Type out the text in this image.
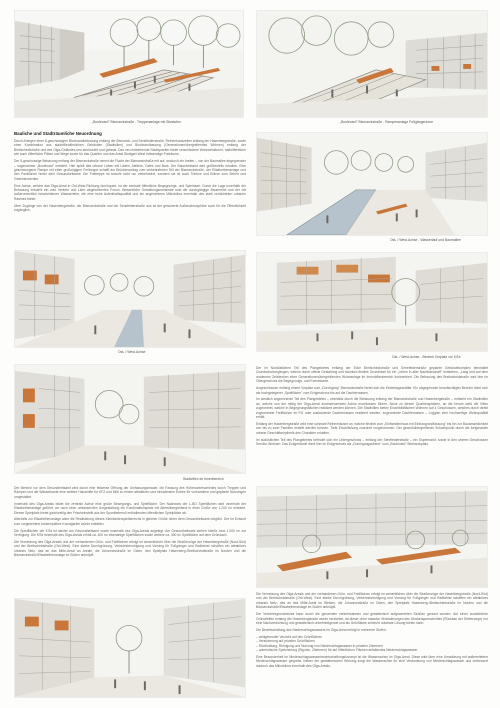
„Boulevard" Bismarckstraße - Treppenanlage mit Sitzstufen	„Boulevard" Bismarckstraße - Rampenanlage Fußgängerzone
Bauliche und Stadträumliche Neuordnung

Durch Anlegen einer 5-geschossigen Blockrandbebauung entlang der Bismarck- und Senefelderstraße, Reihenhauszeilen entlang der Hasenbergstraße, sowie einer Kombination aus stadtvillenähnlichen Gebäuden (Stadtvillen) und Blockrandbauung (Generationenübergreifendes Wohnen) entlang der Breitscheidstraße und des Olga-Geländes neu strukturiert und gefasst. Das neu entstehende Stadtquartier bietet verschiedene Wohnstrukturen, halböffentliche wie auch öffentliche Plätze und Wege sowie für das Quartier und das Areal Stuttgart-West notwendige Freiräume.

Der 5-geschossige Bebauung entlang der Bismarckstraße nimmt die Flucht der Bismarckstraße mit auf, wodurch ein breiter – von der Baumallee abgegrenzter – sogenannter „Boulevard" entsteht. Hier spielt das urbane Leben mit Läden, Ateliers, Cafés und Bars. Der Baumbestand wird größtenteils erhalten. Eine geschwungene Rampe mit einer großzügigen Freitreppe schafft am Brückenschlag zum verkehrsfreien Teil der Bismarckstraße, der Elisabethenanlage und den Pavillionen hinter dem Gesundheitsamt. Die Freitreppe ist sowohl nicht nur verkehrsfrei, sondern sie ist auch Tribüne und Bühne zum Sehen und Gesehenwerden.

Eine Achse, welche das Olga-Areal in Ost-West-Richtung durchquert, ist der zentrale öffentliche Begegnungs- und Spielraum. Durch die Lage innerhalb der Bebauung entsteht ein vom Verkehr und Lärm abgeschirmtes Forum. Wesentliche Gestaltungsmerkmale sind die durchgängige Baumreihe und der mit außerordentlich bescheidenen Wasserreihe, die eine hohe Aufenthaltsqualität und ein angenehmes Mikroklima innerhalb des stark verdichteten urbanen Raumes bietet.

Über Zugänge von der Hasenbergstraße, der Bismarckstraße und der Senefelderstraße aus ist der gesicherte Außenatmosphäre auch für die Öffentlichkeit zugänglich.

Ost- / West-Achse - Wasserlauf und Baumallee
Ost- / West-Achse
Ost- / West-Achse - Bereich Vorplatz vor KiTa
Stadtvillen im Innenbereich

Der im Nordöstlichen Teil des Plangebietes entlang der Ecke Breitscheidstraße und Senefelderstraße geplante Gebäudekomplex beinhaltet Grundschulvorgängen, welche durch offene Gestaltung und räumlich flexible Grundrisse für ein „Leben in aller Nachbarschaft" entstehen. „Lang und auf dem modernen Zeitdenken einer Generationenübergreifenden Wohnanlage im Immobilienbereich konzentriert. Die Bebauung des Breitscheidstraße wird hier im Obergeschoss die Begegnungs- und Eventräume.

Angeschlossen entlang einem Vorplatz zum „Durchgang" Bismarckstraße bietet sich die Kindertagesstätte. Ein abgegrenzter beaufsichtigter Bereich dient sich als hochgelegener „Spielfläche" vom Erdgeschoss bis auf die Dachterrassen.

Im westlich angrenzende Teil des Plangebietes – ebenfalls durch die Bebauung entlang der Bismarckstraße und Hasenbergstraße – entsteht ein Stadtvillen an, welche von der mittig der Olga-Areal durchsteuernden Achse erschlossen führen. Neue zu diesen Quartiersplätzen, an die herum weiß die Villen zugeordnet, welche in Begegnungsflächen realisiert werden können. Die Stadtvillen bieten Einzelbildflächen Wohnen auf 4 Geschossen, welches durch direkt zugeordnete Freiflächen im EG oder ausbauende Dachterrassen realisiert werden, zugeordnete Dachterrassen – Loggien eine hochwertige Wohnqualität erhält.

Entlang der Hasenbergstraße wird eine schmale Reihenhäuser an, welche flexibel zum „Einfamilienhaus mit Einbaugrundfassung" bis hin zur Bauamamlichkeit von bis zu zwei Familien erstellt werden können. Tiefe Erschließung zuordnet vorgenommen. Der gewerkübergreifende Schwerpunkt durch die fortgesetzte urbane Geschäftsrhythmik des Charakter erhalten.

Im südöstlichen Teil des Plangebietes befindet sich ein Untergeschoss – entlang der Senefelderstraße – ein Supermarkt, sowie in den oberen Geschossen Service-Wohnen. Das Eckgebäude dient hier im Erdgeschoss als „Durchgangsebene" zum „Boulevard" Bismarckplatz.

Der Bereich vor dem Gesundheitsamt wird durch eine teilweise Öffnung der Umfassungsmauer, die Fassung des Höhenunterschiedes durch Treppen und Rampen und die Wasserkante eine weitere Hausmitte für KFZ und Müll zu einem attraktiven und einladenden Entree für vorhandene und geplante Nutzungen umgestaltet.

Innerhalb des Olga-Areals bildet die zentrale Achse eine große Bewegungs- und Spielfläche. Der Nachweis der L-BO Spielflächen wird innerhalb der Elisabethenanlage geführt, wo noch einer umfassenden Umgestaltung ein Kombinationsplatz mit Altersübergreifend in einer Größe von 1.200 m² entsteht. Diesen Spielplatz bietet gleichzeitig den Frischeinstellt aus der Spuntbeterroll enthaltenden öffentlichen Spielplätze ab.

Allenfalls zur Elisabethenanlage wäre die Realisierung dieses Kleinkinderspielbereichs in gleicher Größe hinter dem Gesundheitsamt möglich. Der im Entwurf zum vorgesehene kontemplative Kunstgarten würde entfallen.

Die Spielflächen der KiTa ist wieder am Gesundheitsamt sowie innerhalb des Olga-Areals angelegt. Am Gesundheitsamt stehen hierfür rund 1.000 m² zur Verfügung. Die KiTa innerhalb des Olga-Areals erhält ca. 400 m² eisenartige Spielflächen sowie weitere ca. 400 m² Spielfläche auf dem Gründach.

Die Vernetzung des Olga-Areals und der vorhandenen Grün- und Freiflächen erfolgt im wesentlichen über die Straßenzüge der Hasenbergstraße (Nord-Süd) und der Breitscheidstraße (Ost-West). Eine starke Durchgrünung, Verkehrsberuhigung und Vorrang für Fußgänger und Radfahrer schaffen ein attraktives urbanes Netz, das an das Mitte-Areal an Areale, die Johannesstraße im Osten, den Spielplatz Hasenberg-/Breitscheidstraße im Norden und die Bismarckstraße/Elisabethenanlage im Süden anknüpft.

Die Vernetzung des Olga-Areals und der vorhandenen Grün- und Freiflächen erfolgt im wesentlichen über die Straßenzüge der Hasenbergstraße (Nord-Süd) und der Breitscheidstraße (Ost-West). Eine starke Durchgrünung, Verkehrsberuhigung und Vorrang für Fußgänger und Radfahrer schaffen ein attraktives urbanes Netz, das an das Mitte-Areal im Westen, die Johannesstraße im Osten, den Spielplatz Hasenberg-/Breitscheidstraße im Norden und die Bismarckstraße/Elisabethenanlage im Süden anknüpft.

Der Verkehrsgrundnetzes kann durch die genannten verkehrsarmen und gestalterisch aufgewerteten Straßen genutzt werden. Auf einen zusätzlichen Grünstreifen entlang der Hasenbergstraße wurde verzichtet, da dieser ohne massive Veränderungen des Straßenquerschnittes (Rückbau der Seitenwege) nur eine Nachverdichtung und gestalterisch unbefriedigende und als Grünfläche schlecht nutzbare Lösung bieten kann.

Die Bewirtschaftung des Niederschlagswassers im Olga-Areal erfolgt in mehreren Stufen:

– weitgehender Verzicht auf den Grünflächen
– Versickerung auf privaten Grünflächen
– Rückhaltung, Reinigung und Nutzung von Niederschlagswasser in privaten Zisternen
– unterirdische Speicherung (Rigolen, Zisternen) für auf öffentlichen Flächen anfallendes Niederschlagswasser

Eine Besonderheit im Niederschlagswasserbewirtschaftungskonzept ist die Wasserachse im Olga-Areal. Diese wird über eine Umwälzung mit aufbereitetem Niederschlagswasser gespeist. Neben der gestalterischen Wirkung sorgt die Wasserachse für eine Verdunstung von Niederschlagswasser und verbessert dadurch das Mikroklima innerhalb des Olga-Areals.
